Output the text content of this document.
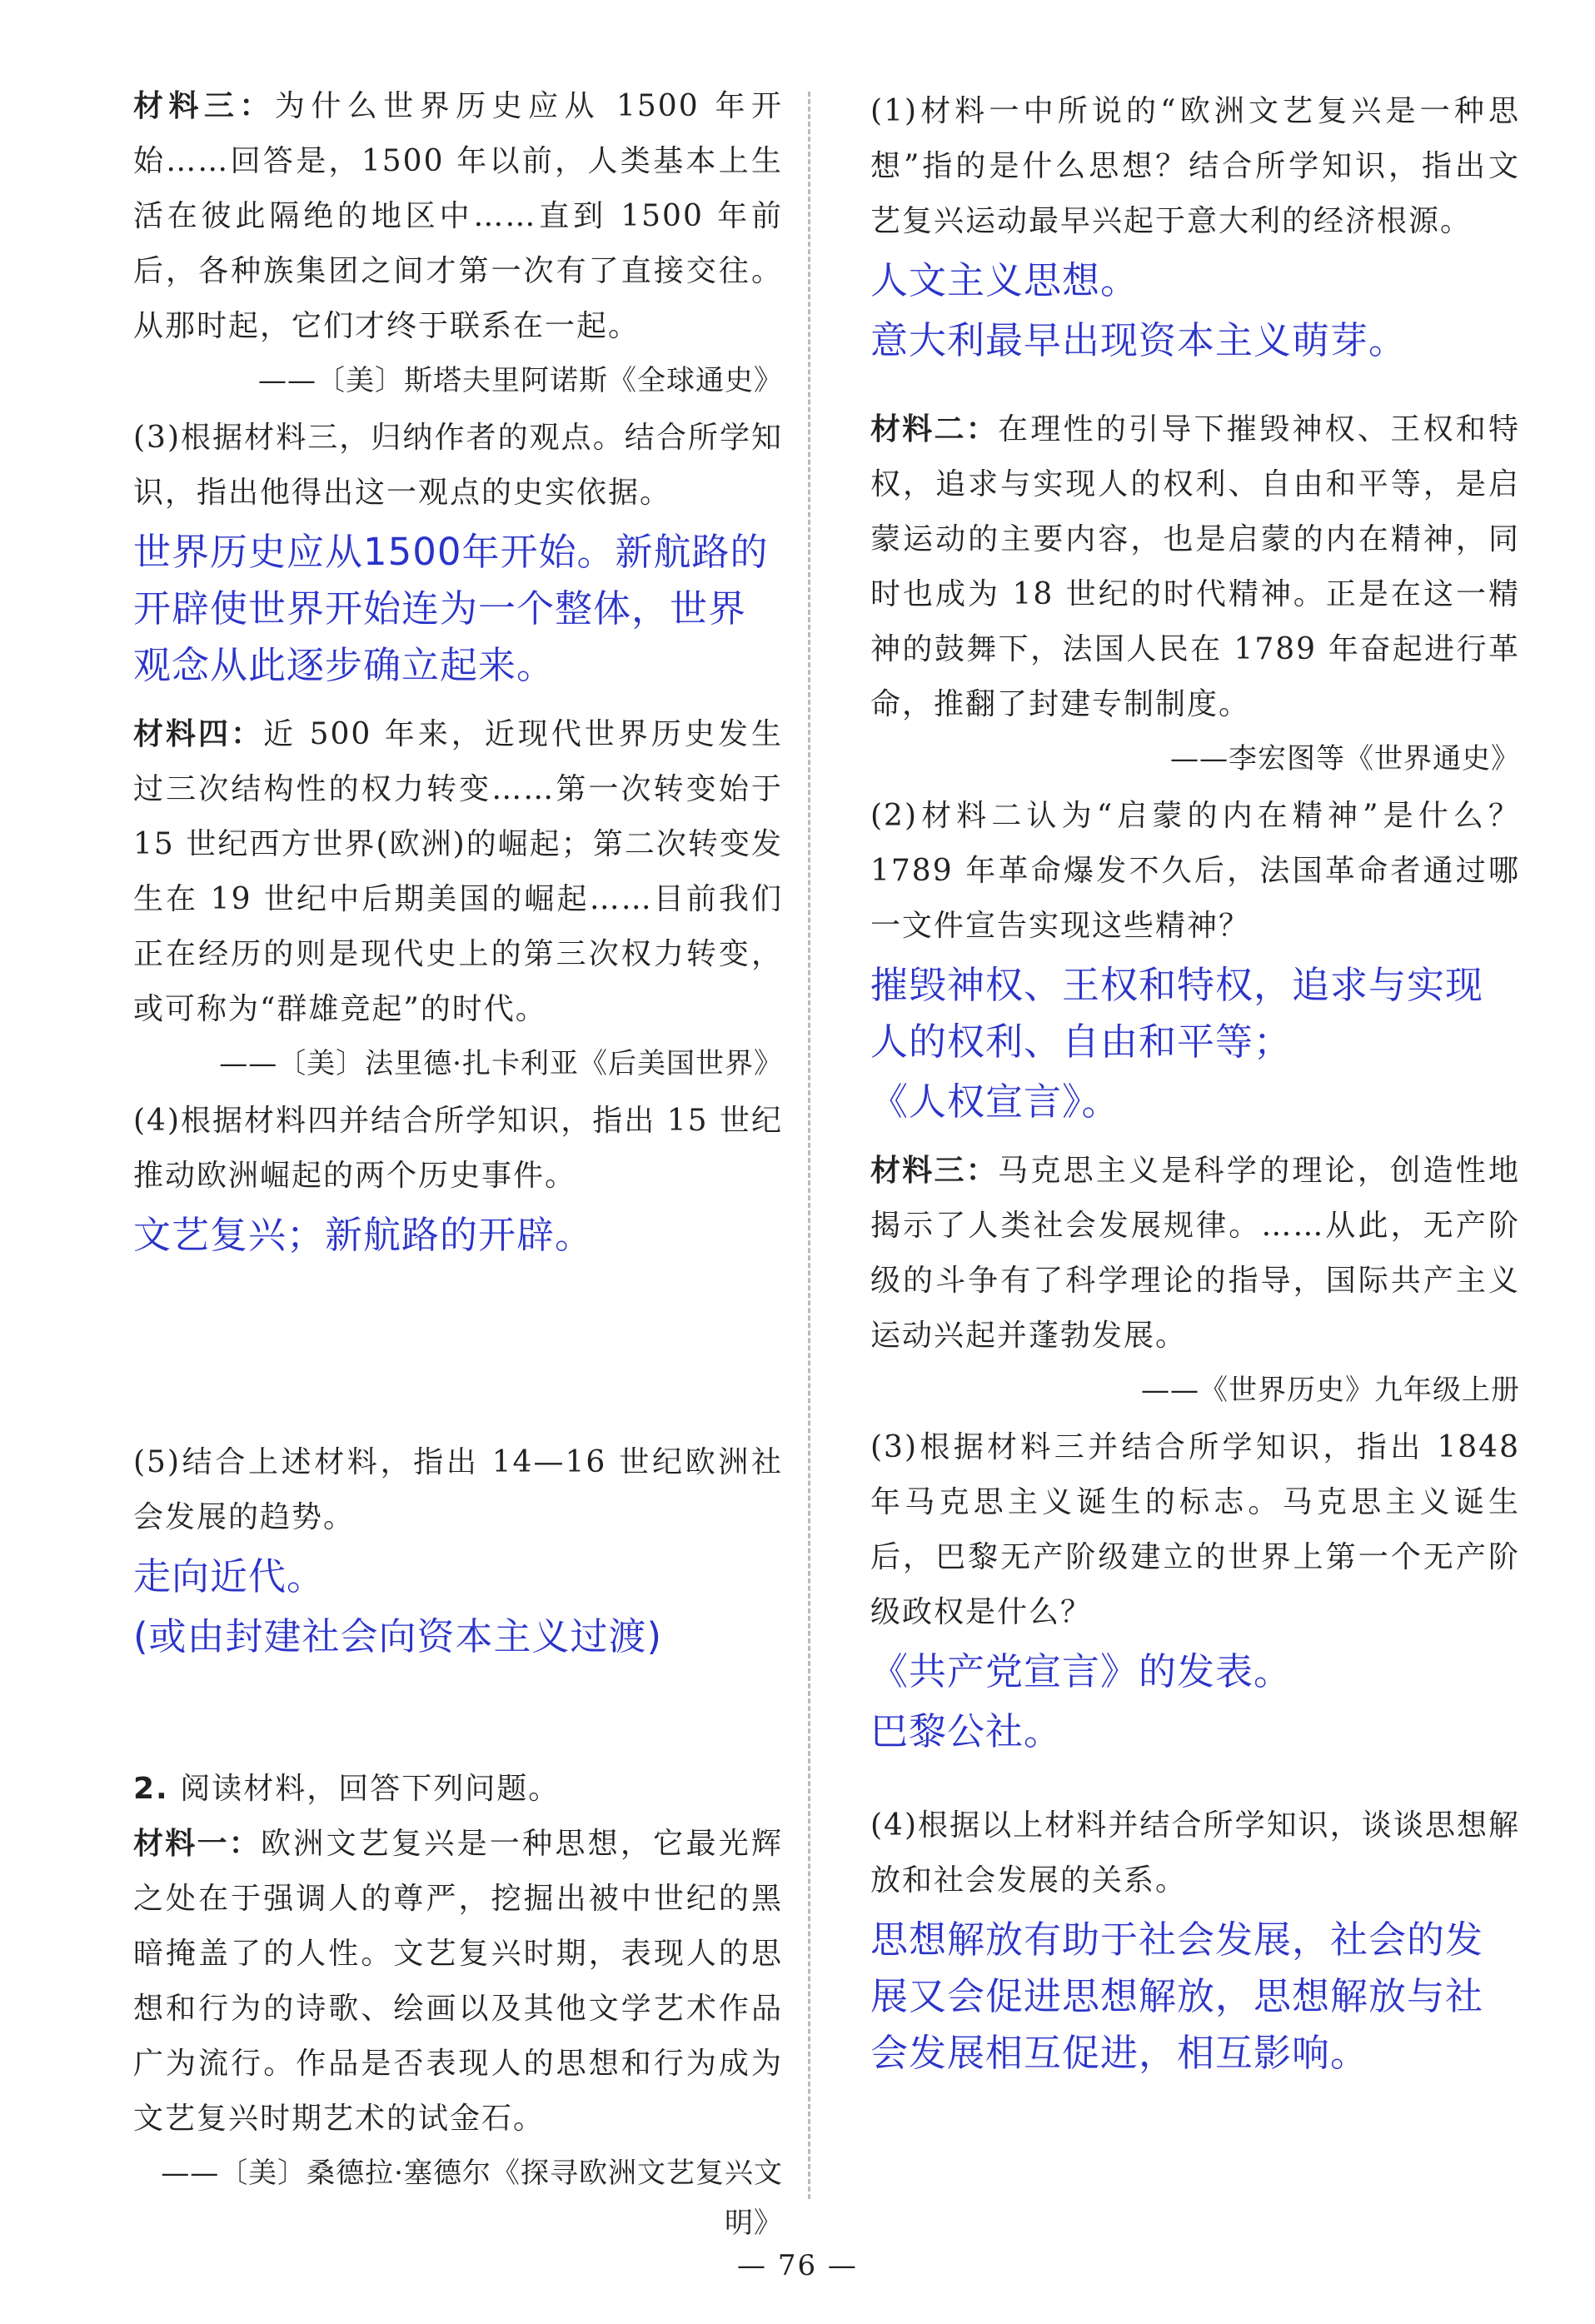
材料三：为什么世界历史应从 1500 年开始……回答是，1500 年以前，人类基本上生活在彼此隔绝的地区中……直到 1500 年前后，各种族集团之间才第一次有了直接交往。从那时起，它们才终于联系在一起。

——〔美〕斯塔夫里阿诺斯《全球通史》

(3)根据材料三，归纳作者的观点。结合所学知识，指出他得出这一观点的史实依据。

世界历史应从1500年开始。新航路的开辟使世界开始连为一个整体，世界观念从此逐步确立起来。

材料四：近 500 年来，近现代世界历史发生过三次结构性的权力转变……第一次转变始于 15 世纪西方世界(欧洲)的崛起；第二次转变发生在 19 世纪中后期美国的崛起……目前我们正在经历的则是现代史上的第三次权力转变，或可称为“群雄竞起”的时代。

——〔美〕法里德·扎卡利亚《后美国世界》

(4)根据材料四并结合所学知识，指出 15 世纪推动欧洲崛起的两个历史事件。

文艺复兴；新航路的开辟。

(5)结合上述材料，指出 14—16 世纪欧洲社会发展的趋势。

走向近代。

(或由封建社会向资本主义过渡)

2. 阅读材料，回答下列问题。

材料一：欧洲文艺复兴是一种思想，它最光辉之处在于强调人的尊严，挖掘出被中世纪的黑暗掩盖了的人性。文艺复兴时期，表现人的思想和行为的诗歌、绘画以及其他文学艺术作品广为流行。作品是否表现人的思想和行为成为文艺复兴时期艺术的试金石。

——〔美〕桑德拉·塞德尔《探寻欧洲文艺复兴文明》

(1)材料一中所说的“欧洲文艺复兴是一种思想”指的是什么思想？结合所学知识，指出文艺复兴运动最早兴起于意大利的经济根源。

人文主义思想。

意大利最早出现资本主义萌芽。

材料二：在理性的引导下摧毁神权、王权和特权，追求与实现人的权利、自由和平等，是启蒙运动的主要内容，也是启蒙的内在精神，同时也成为 18 世纪的时代精神。正是在这一精神的鼓舞下，法国人民在 1789 年奋起进行革命，推翻了封建专制制度。

——李宏图等《世界通史》

(2)材料二认为“启蒙的内在精神”是什么？1789 年革命爆发不久后，法国革命者通过哪一文件宣告实现这些精神？

摧毁神权、王权和特权，追求与实现人的权利、自由和平等；

《人权宣言》。

材料三：马克思主义是科学的理论，创造性地揭示了人类社会发展规律。……从此，无产阶级的斗争有了科学理论的指导，国际共产主义运动兴起并蓬勃发展。

——《世界历史》九年级上册

(3)根据材料三并结合所学知识，指出 1848 年马克思主义诞生的标志。马克思主义诞生后，巴黎无产阶级建立的世界上第一个无产阶级政权是什么？

《共产党宣言》的发表。

巴黎公社。

(4)根据以上材料并结合所学知识，谈谈思想解放和社会发展的关系。

思想解放有助于社会发展，社会的发展又会促进思想解放，思想解放与社会发展相互促进，相互影响。

— 76 —
